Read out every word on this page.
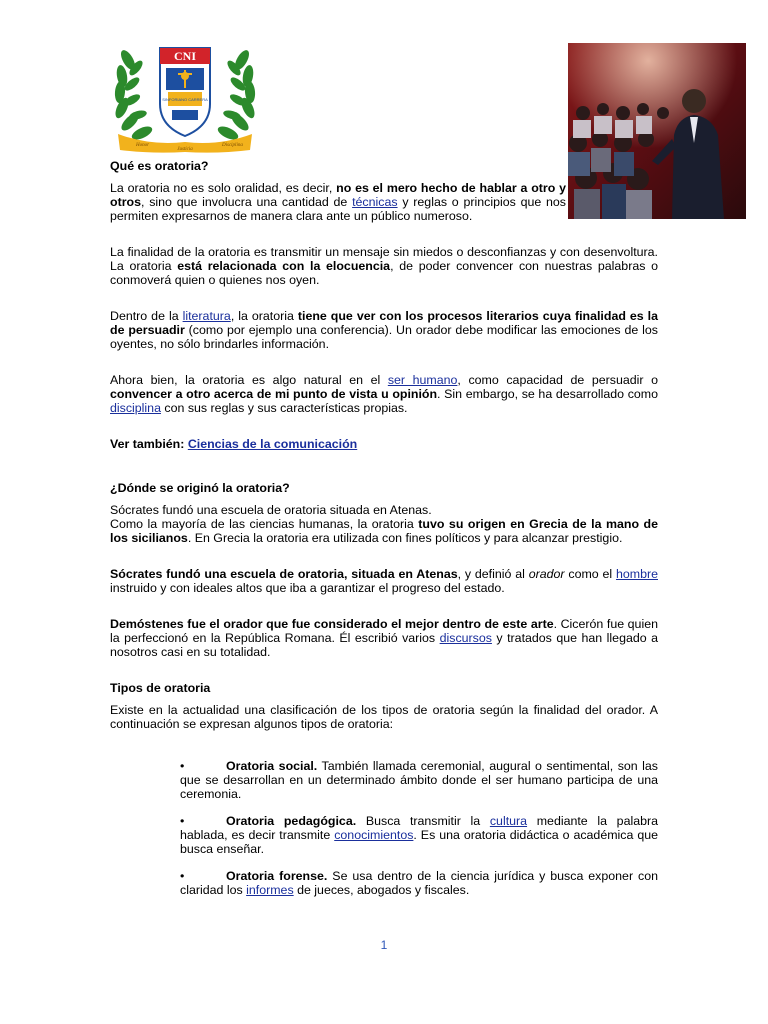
CNI
SINFORIANO CARRERA
Honor
Justicia
Disciplina

Qué es oratoria?

La oratoria no es solo oralidad, es decir, no es el mero hecho de hablar a otro y otros, sino que involucra una cantidad de técnicas y reglas o principios que nos permiten expresarnos de manera clara ante un público numeroso.

La finalidad de la oratoria es transmitir un mensaje sin miedos o desconfianzas y con desenvoltura. La oratoria está relacionada con la elocuencia, de poder convencer con nuestras palabras o conmoverá quien o quienes nos oyen.

Dentro de la literatura, la oratoria tiene que ver con los procesos literarios cuya finalidad es la de persuadir (como por ejemplo una conferencia). Un orador debe modificar las emociones de los oyentes, no sólo brindarles información.

Ahora bien, la oratoria es algo natural en el ser humano, como capacidad de persuadir o convencer a otro acerca de mi punto de vista u opinión. Sin embargo, se ha desarrollado como disciplina con sus reglas y sus características propias.

Ver también: Ciencias de la comunicación

¿Dónde se originó la oratoria?

Sócrates fundó una escuela de oratoria situada en Atenas.

Como la mayoría de las ciencias humanas, la oratoria tuvo su origen en Grecia de la mano de los sicilianos. En Grecia la oratoria era utilizada con fines políticos y para alcanzar prestigio.

Sócrates fundó una escuela de oratoria, situada en Atenas, y definió al orador como el hombre instruido y con ideales altos que iba a garantizar el progreso del estado.

Demóstenes fue el orador que fue considerado el mejor dentro de este arte. Cicerón fue quien la perfeccionó en la República Romana. Él escribió varios discursos y tratados que han llegado a nosotros casi en su totalidad.

Tipos de oratoria

Existe en la actualidad una clasificación de los tipos de oratoria según la finalidad del orador. A continuación se expresan algunos tipos de oratoria:

•	Oratoria social. También llamada ceremonial, augural o sentimental, son las que se desarrollan en un determinado ámbito donde el ser humano participa de una ceremonia.

•	Oratoria pedagógica. Busca transmitir la cultura mediante la palabra hablada, es decir transmite conocimientos. Es una oratoria didáctica o académica que busca enseñar.

•	Oratoria forense. Se usa dentro de la ciencia jurídica y busca exponer con claridad los informes de jueces, abogados y fiscales.

1
